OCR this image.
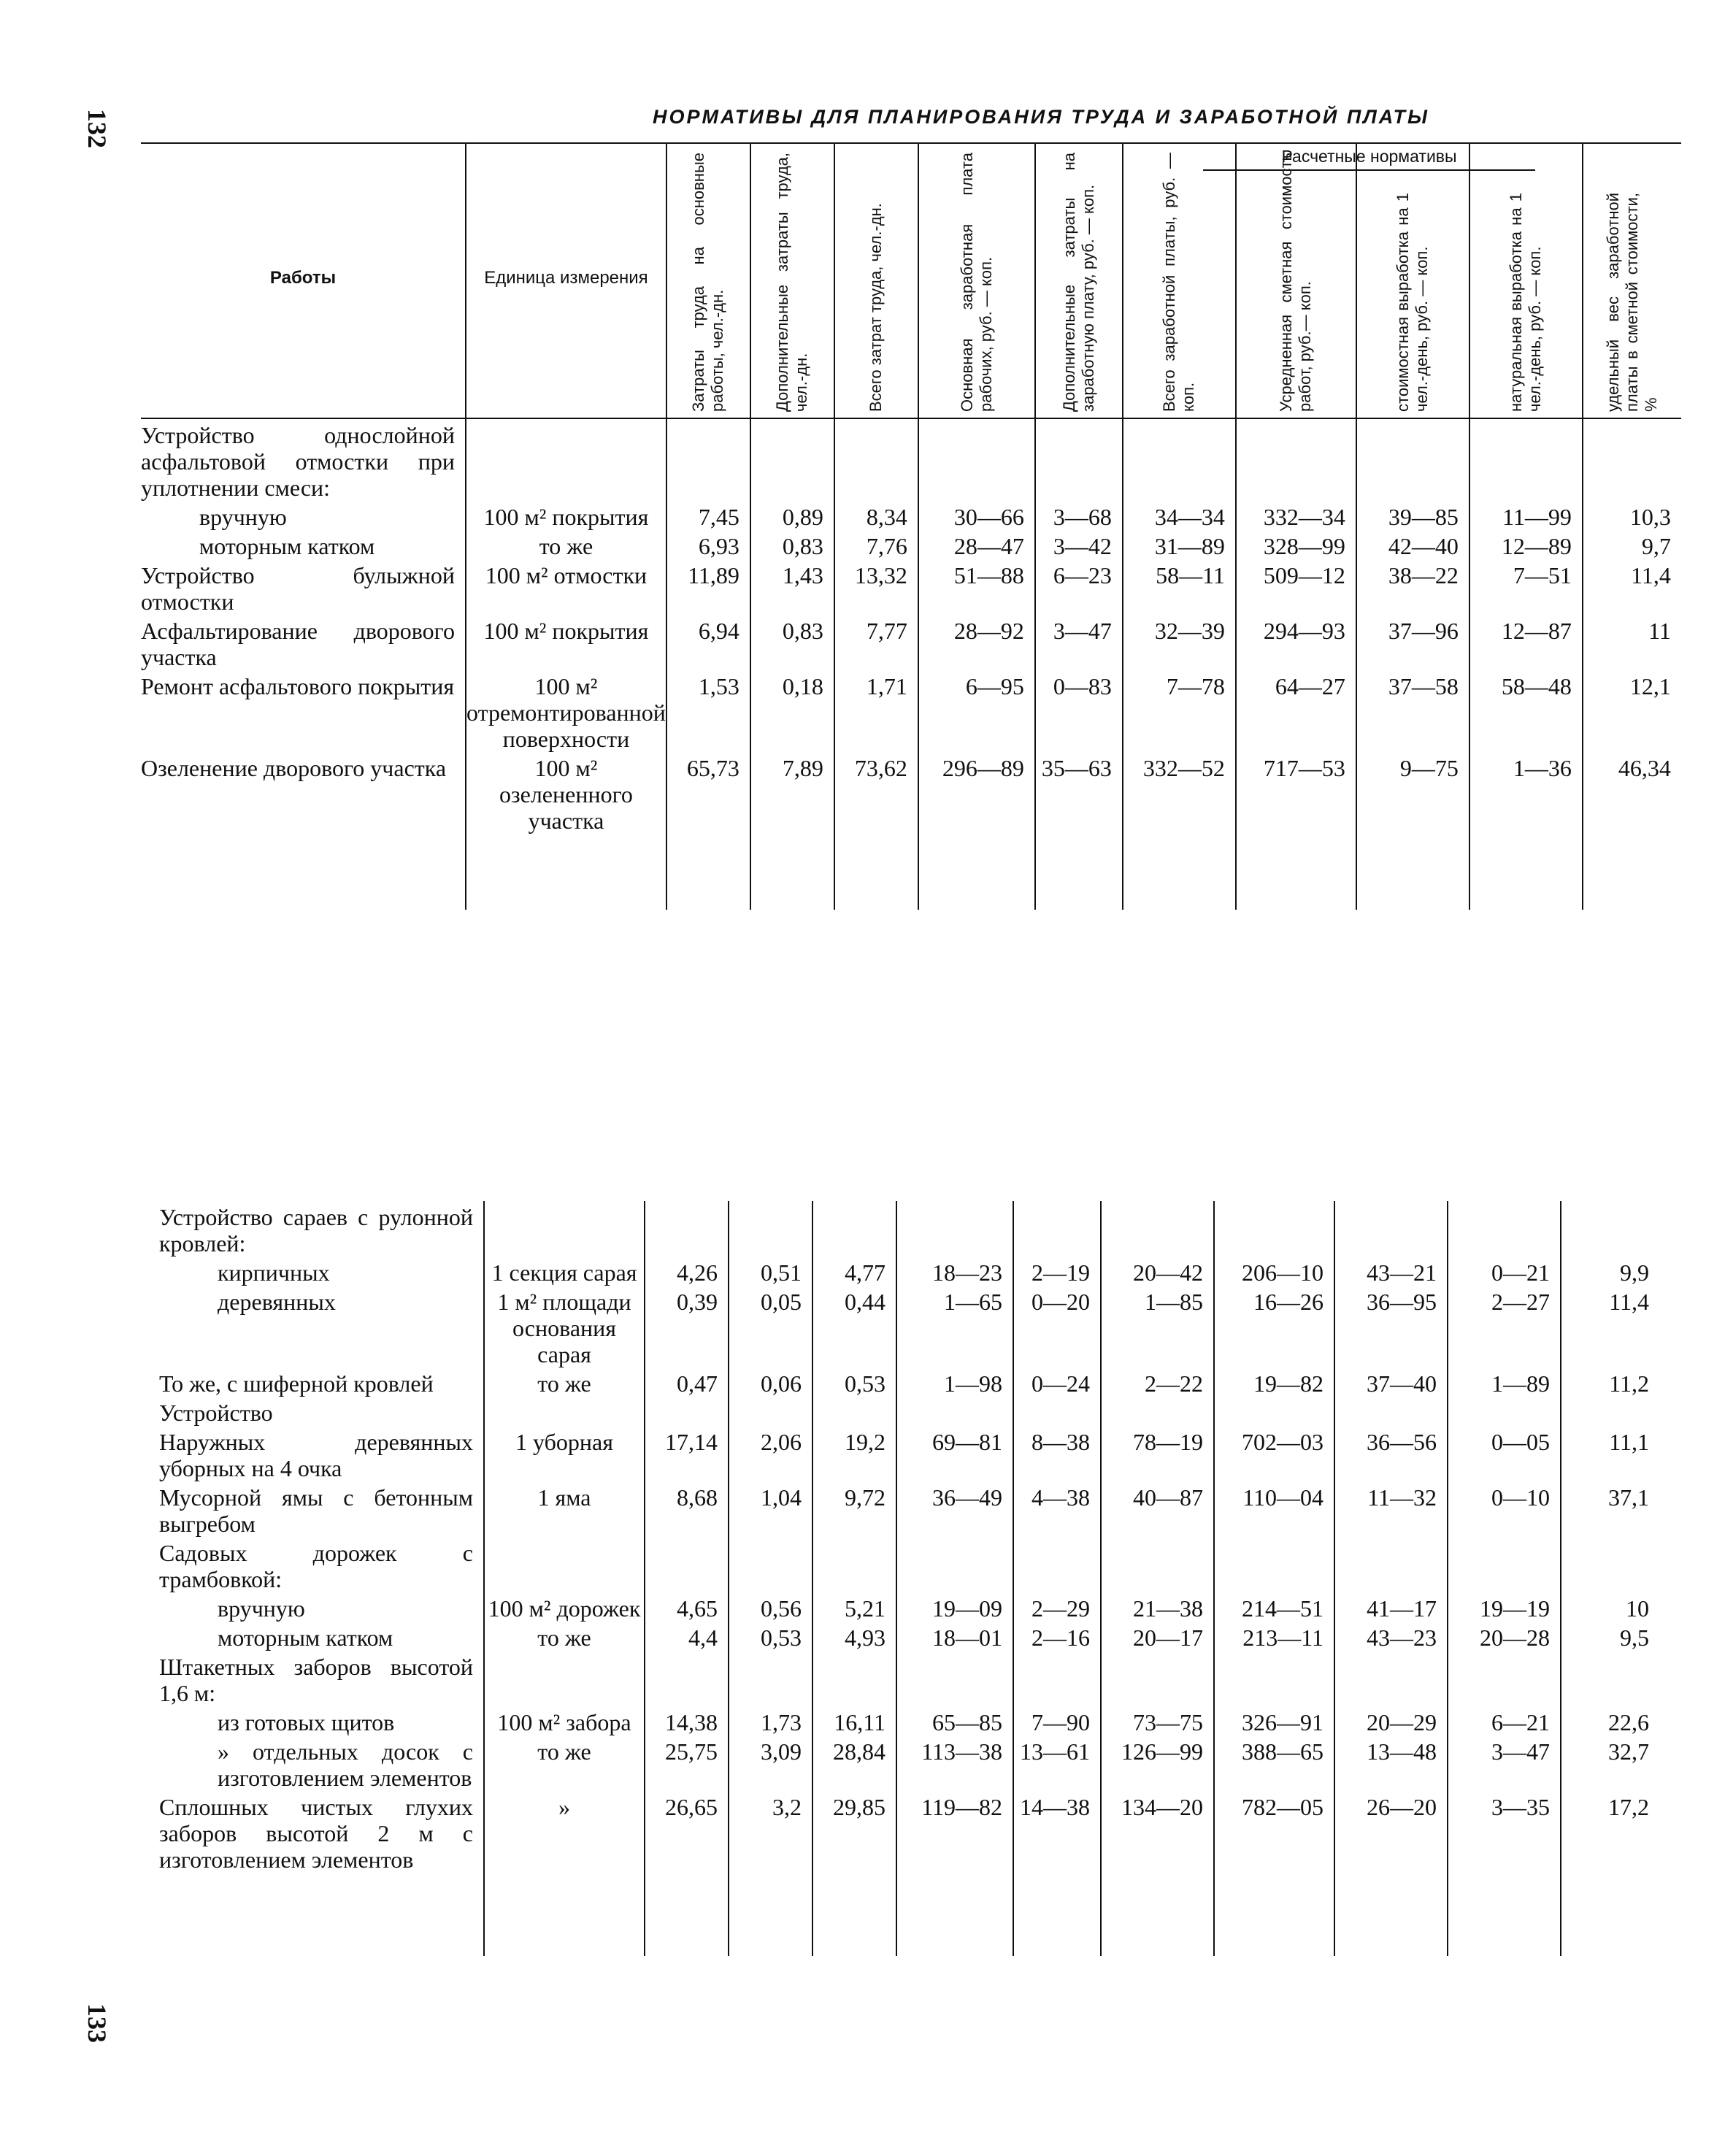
132
133
НОРМАТИВЫ ДЛЯ ПЛАНИРОВАНИЯ ТРУДА И ЗАРАБОТНОЙ ПЛАТЫ
Работы	Единица измерения	Затраты труда на основные работы, чел.-дн.	Дополнительные затраты труда, чел.-дн.	Всего затрат труда, чел.-дн.	Основная заработная плата рабочих, руб. — коп.	Дополнительные затраты на заработную плату, руб. — коп.	Всего заработной платы, руб. — коп.	Усредненная сметная стоимость работ, руб.— коп.	стоимостная выработка на 1 чел.-день, руб. — коп.	натуральная выработка на 1 чел.-день, руб. — коп.	удельный вес заработной платы в сметной стоимости, %

Устройство однослойной асфальтовой отмостки при уплотнении смеси:											
вручную	100 м² покрытия	7,45	0,89	8,34	30—66	3—68	34—34	332—34	39—85	11—99	10,3
моторным катком	то же	6,93	0,83	7,76	28—47	3—42	31—89	328—99	42—40	12—89	9,7
Устройство булыжной отмостки	100 м² отмостки	11,89	1,43	13,32	51—88	6—23	58—11	509—12	38—22	7—51	11,4
Асфальтирование дворового участка	100 м² покрытия	6,94	0,83	7,77	28—92	3—47	32—39	294—93	37—96	12—87	11
Ремонт асфальтового покрытия	100 м² отремонтированной поверхности	1,53	0,18	1,71	6—95	0—83	7—78	64—27	37—58	58—48	12,1
Озеленение дворового участка	100 м² озелененного участка	65,73	7,89	73,62	296—89	35—63	332—52	717—53	9—75	1—36	46,34

Расчетные нормативы
Устройство сараев с рулонной кровлей:											
кирпичных	1 секция сарая	4,26	0,51	4,77	18—23	2—19	20—42	206—10	43—21	0—21	9,9
деревянных	1 м² площади основания сарая	0,39	0,05	0,44	1—65	0—20	1—85	16—26	36—95	2—27	11,4
То же, с шиферной кровлей	то же	0,47	0,06	0,53	1—98	0—24	2—22	19—82	37—40	1—89	11,2
Устройство											
Наружных деревянных уборных на 4 очка	1 уборная	17,14	2,06	19,2	69—81	8—38	78—19	702—03	36—56	0—05	11,1
Мусорной ямы с бетонным выгребом	1 яма	8,68	1,04	9,72	36—49	4—38	40—87	110—04	11—32	0—10	37,1
Садовых дорожек с трамбовкой:											
вручную	100 м² дорожек	4,65	0,56	5,21	19—09	2—29	21—38	214—51	41—17	19—19	10
моторным катком	то же	4,4	0,53	4,93	18—01	2—16	20—17	213—11	43—23	20—28	9,5
Штакетных заборов высотой 1,6 м:											
из готовых щитов	100 м² забора	14,38	1,73	16,11	65—85	7—90	73—75	326—91	20—29	6—21	22,6
» отдельных досок с изготовлением элементов	то же	25,75	3,09	28,84	113—38	13—61	126—99	388—65	13—48	3—47	32,7
Сплошных чистых глухих заборов высотой 2 м с изготовлением элементов	»	26,65	3,2	29,85	119—82	14—38	134—20	782—05	26—20	3—35	17,2
